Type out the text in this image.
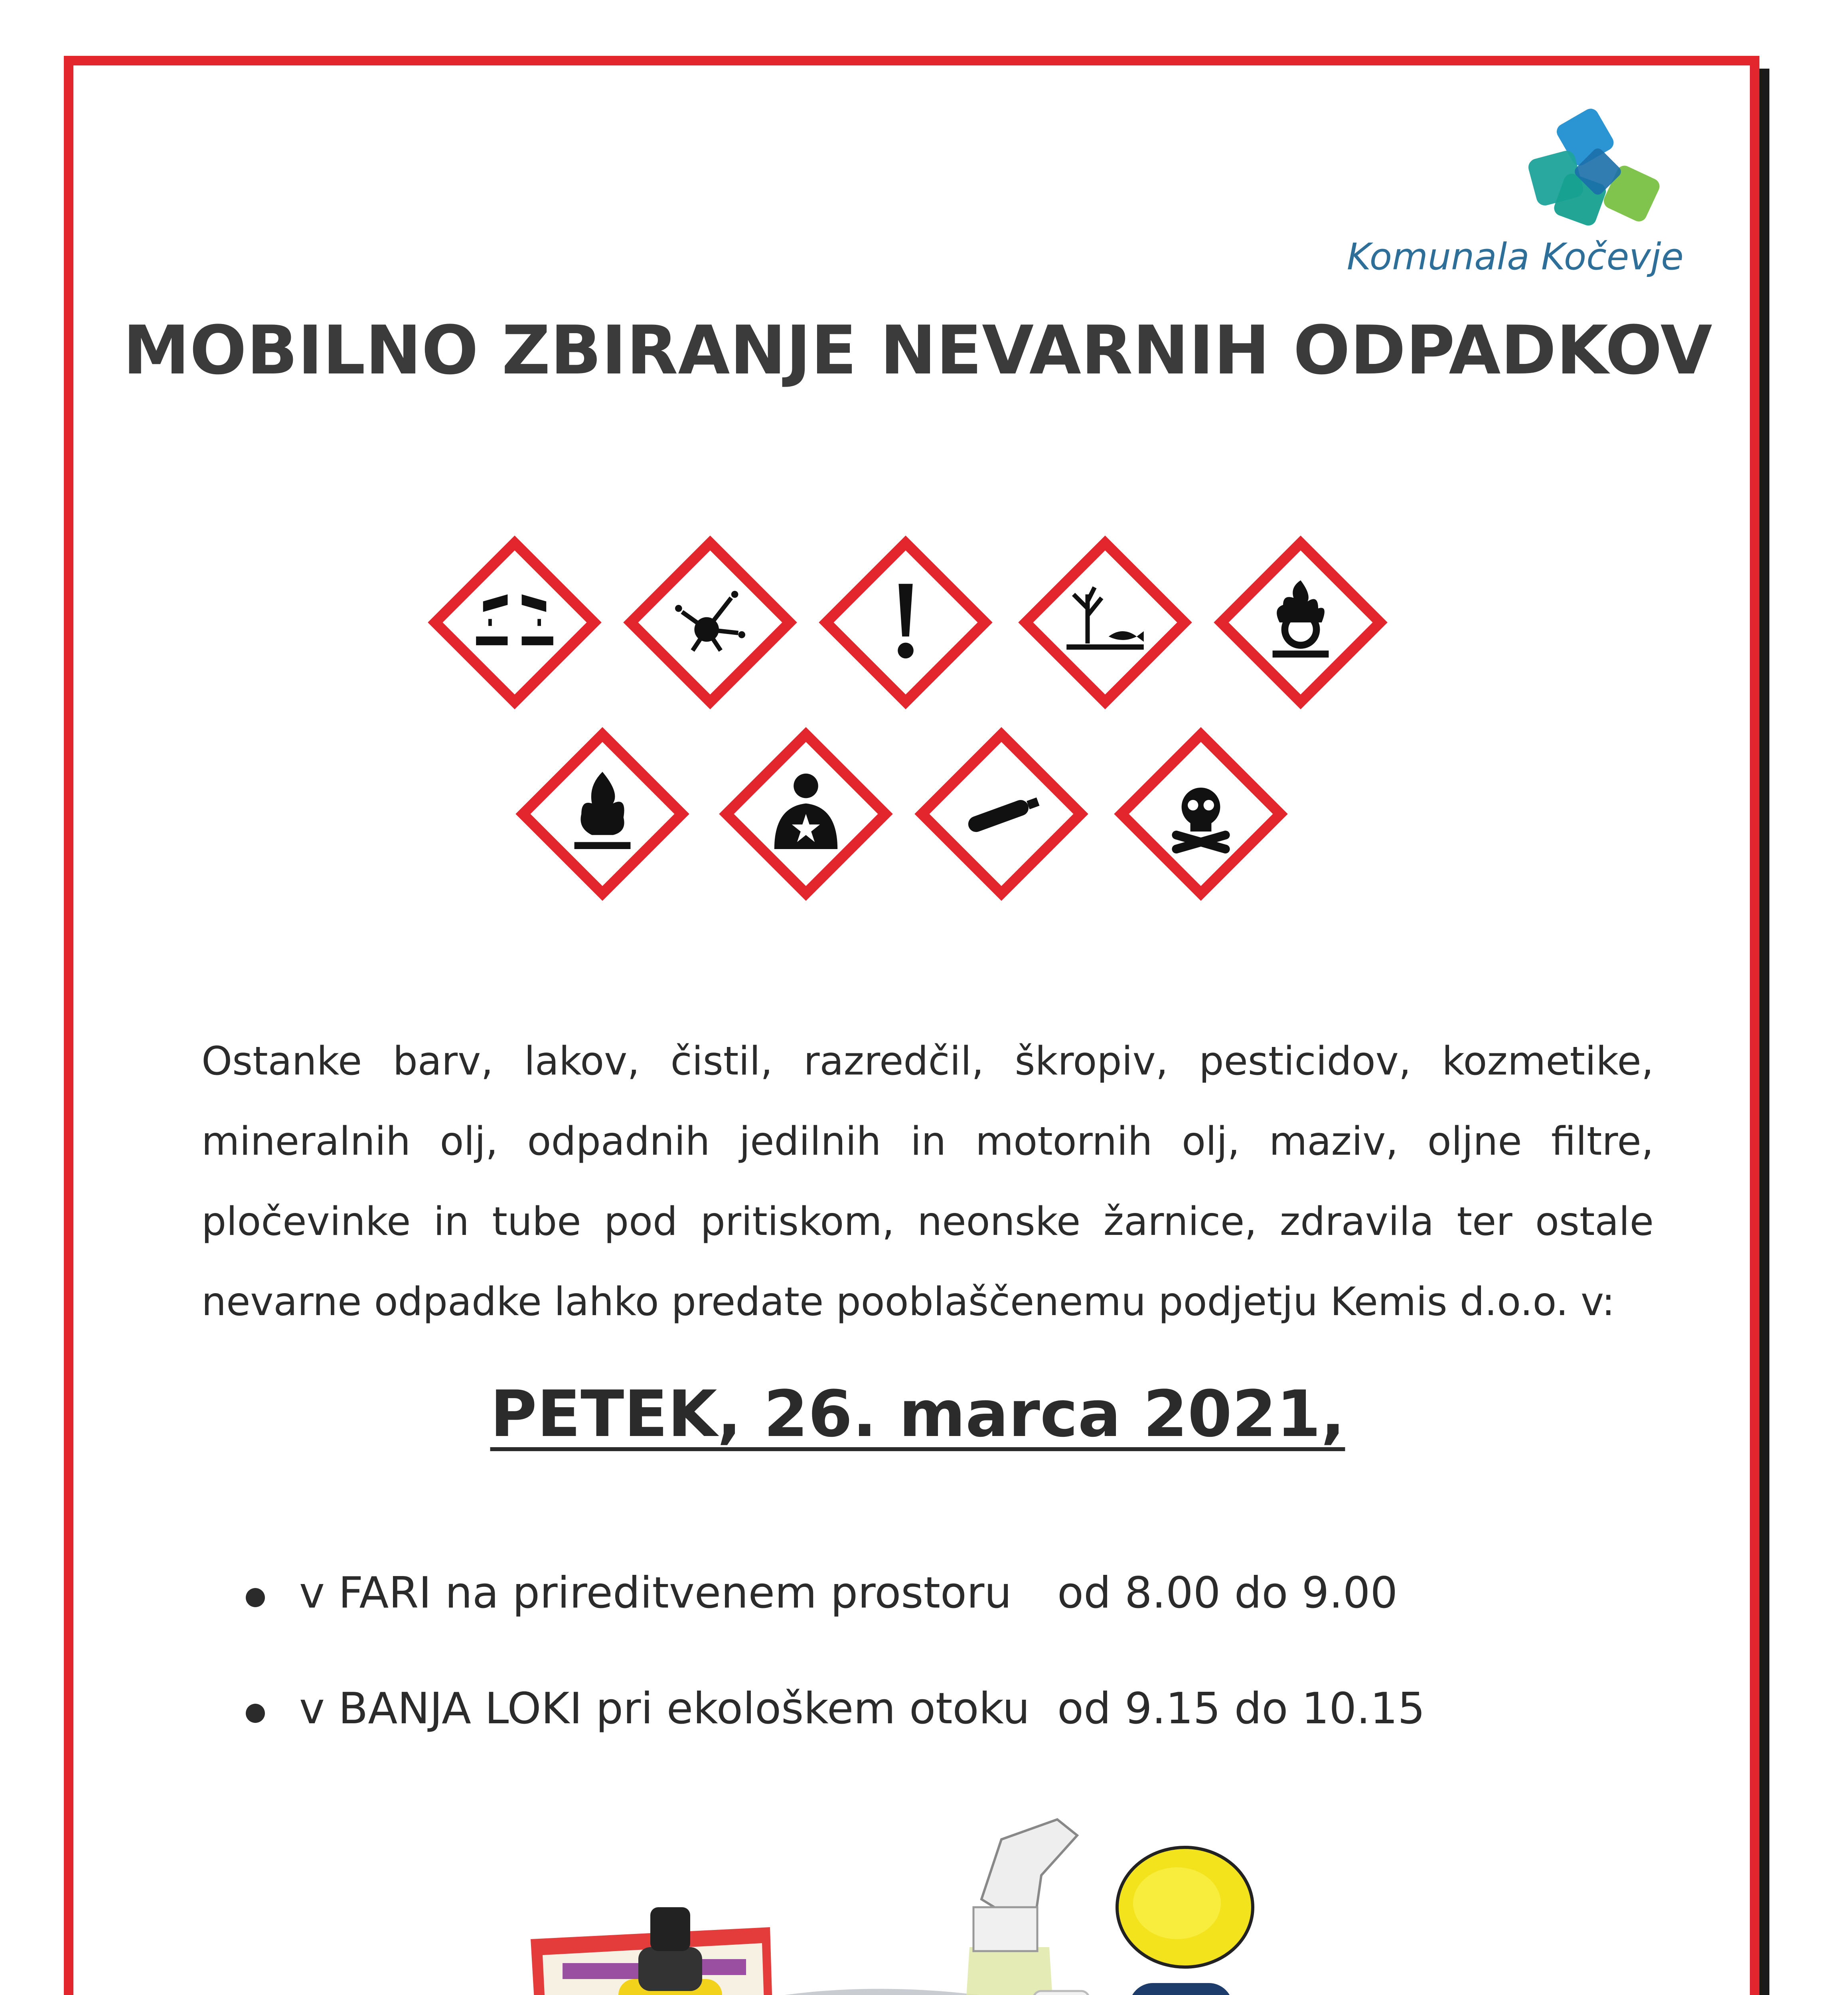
Komunala Kočevje
MOBILNO ZBIRANJE NEVARNIH ODPADKOV

Ostanke barv, lakov, čistil, razredčil, škropiv, pesticidov, kozmetike, mineralnih olj, odpadnih jedilnih in motornih olj, maziv, oljne filtre, pločevinke in tube pod pritiskom, neonske žarnice, zdravila ter ostale nevarne odpadke lahko predate pooblaščenemu podjetju Kemis d.o.o. v:

PETEK, 26. marca 2021,
v FARI na prireditvenem prostoru od 8.00 do 9.00
v BANJA LOKI pri ekološkem otoku od 9.15 do 10.15
